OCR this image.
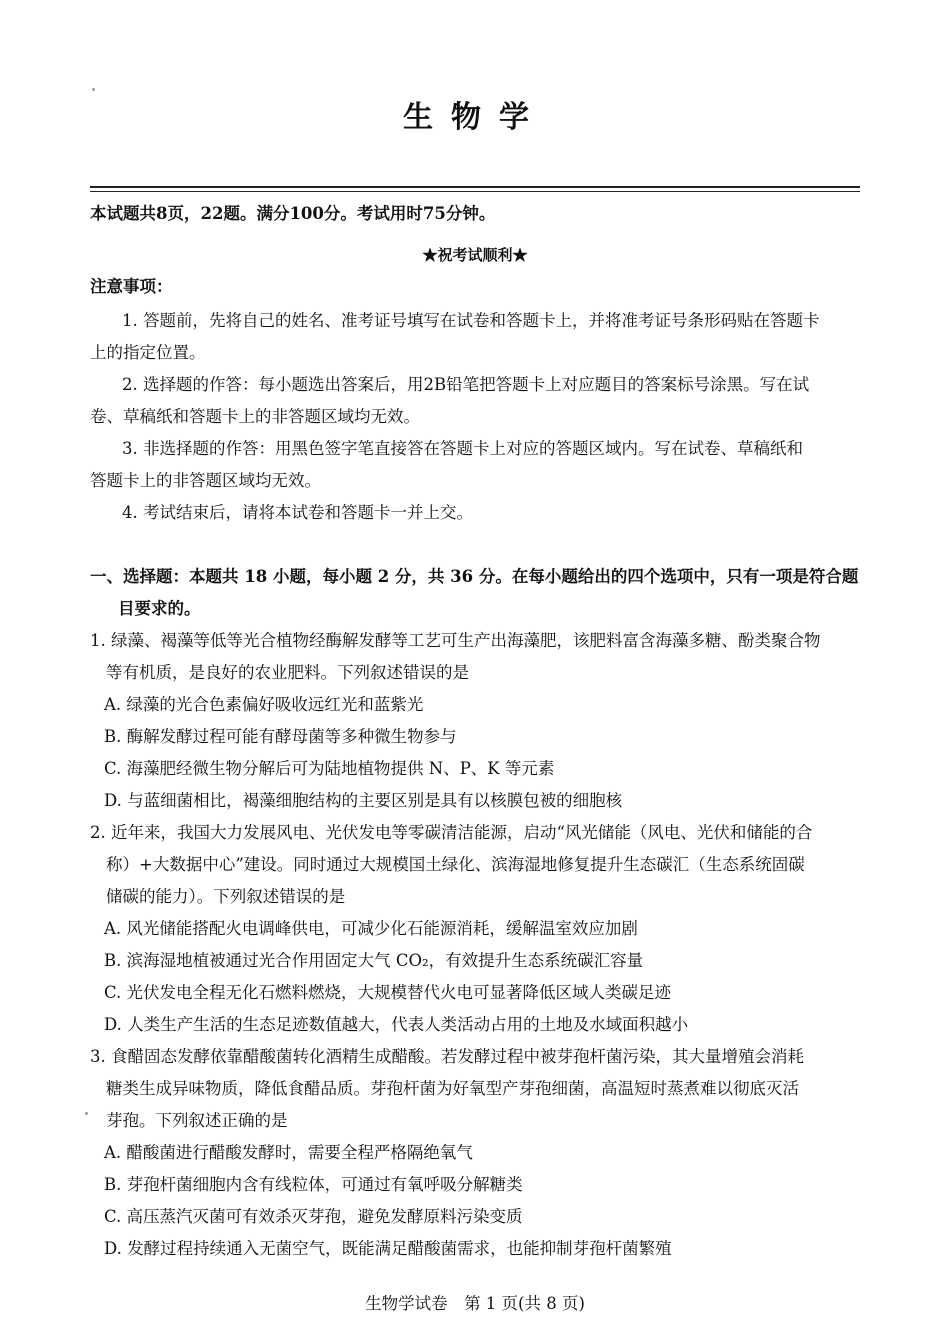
生物学
本试题共8页，22题。满分100分。考试用时75分钟。
★祝考试顺利★
注意事项：
1. 答题前，先将自己的姓名、准考证号填写在试卷和答题卡上，并将准考证号条形码贴在答题卡
上的指定位置。
2. 选择题的作答：每小题选出答案后，用2B铅笔把答题卡上对应题目的答案标号涂黑。写在试
卷、草稿纸和答题卡上的非答题区域均无效。
3. 非选择题的作答：用黑色签字笔直接答在答题卡上对应的答题区域内。写在试卷、草稿纸和
答题卡上的非答题区域均无效。
4. 考试结束后，请将本试卷和答题卡一并上交。
一、选择题：本题共 18 小题，每小题 2 分，共 36 分。在每小题给出的四个选项中，只有一项是符合题
目要求的。
1. 绿藻、褐藻等低等光合植物经酶解发酵等工艺可生产出海藻肥，该肥料富含海藻多糖、酚类聚合物
等有机质，是良好的农业肥料。下列叙述错误的是
A. 绿藻的光合色素偏好吸收远红光和蓝紫光
B. 酶解发酵过程可能有酵母菌等多种微生物参与
C. 海藻肥经微生物分解后可为陆地植物提供 N、P、K 等元素
D. 与蓝细菌相比，褐藻细胞结构的主要区别是具有以核膜包被的细胞核
2. 近年来，我国大力发展风电、光伏发电等零碳清洁能源，启动“风光储能（风电、光伏和储能的合
称）+大数据中心”建设。同时通过大规模国土绿化、滨海湿地修复提升生态碳汇（生态系统固碳
储碳的能力）。下列叙述错误的是
A. 风光储能搭配火电调峰供电，可减少化石能源消耗，缓解温室效应加剧
B. 滨海湿地植被通过光合作用固定大气 CO₂，有效提升生态系统碳汇容量
C. 光伏发电全程无化石燃料燃烧，大规模替代火电可显著降低区域人类碳足迹
D. 人类生产生活的生态足迹数值越大，代表人类活动占用的土地及水域面积越小
3. 食醋固态发酵依靠醋酸菌转化酒精生成醋酸。若发酵过程中被芽孢杆菌污染，其大量增殖会消耗
糖类生成异味物质，降低食醋品质。芽孢杆菌为好氧型产芽孢细菌，高温短时蒸煮难以彻底灭活
芽孢。下列叙述正确的是
A. 醋酸菌进行醋酸发酵时，需要全程严格隔绝氧气
B. 芽孢杆菌细胞内含有线粒体，可通过有氧呼吸分解糖类
C. 高压蒸汽灭菌可有效杀灭芽孢，避免发酵原料污染变质
D. 发酵过程持续通入无菌空气，既能满足醋酸菌需求，也能抑制芽孢杆菌繁殖
生物学试卷　第 1 页(共 8 页)
